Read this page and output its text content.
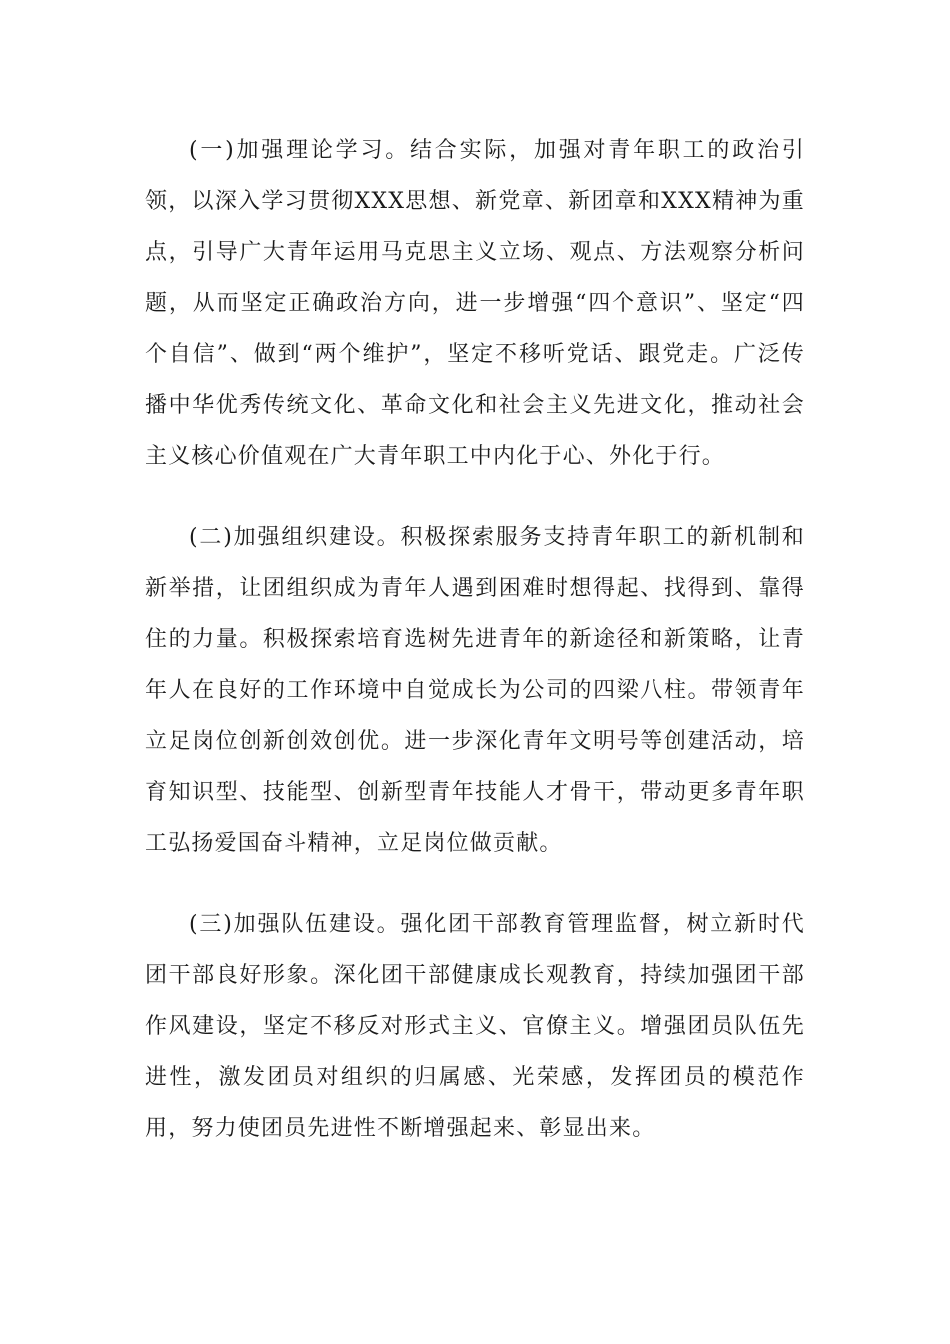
(一)加强理论学习。结合实际，加强对青年职工的政治引领，以深入学习贯彻XXX思想、新党章、新团章和XXX精神为重点，引导广大青年运用马克思主义立场、观点、方法观察分析问题，从而坚定正确政治方向，进一步增强“四个意识”、坚定“四个自信”、做到“两个维护”，坚定不移听党话、跟党走。广泛传播中华优秀传统文化、革命文化和社会主义先进文化，推动社会主义核心价值观在广大青年职工中内化于心、外化于行。

(二)加强组织建设。积极探索服务支持青年职工的新机制和新举措，让团组织成为青年人遇到困难时想得起、找得到、靠得住的力量。积极探索培育选树先进青年的新途径和新策略，让青年人在良好的工作环境中自觉成长为公司的四梁八柱。带领青年立足岗位创新创效创优。进一步深化青年文明号等创建活动，培育知识型、技能型、创新型青年技能人才骨干，带动更多青年职工弘扬爱国奋斗精神，立足岗位做贡献。

(三)加强队伍建设。强化团干部教育管理监督，树立新时代团干部良好形象。深化团干部健康成长观教育，持续加强团干部作风建设，坚定不移反对形式主义、官僚主义。增强团员队伍先进性，激发团员对组织的归属感、光荣感，发挥团员的模范作用，努力使团员先进性不断增强起来、彰显出来。
